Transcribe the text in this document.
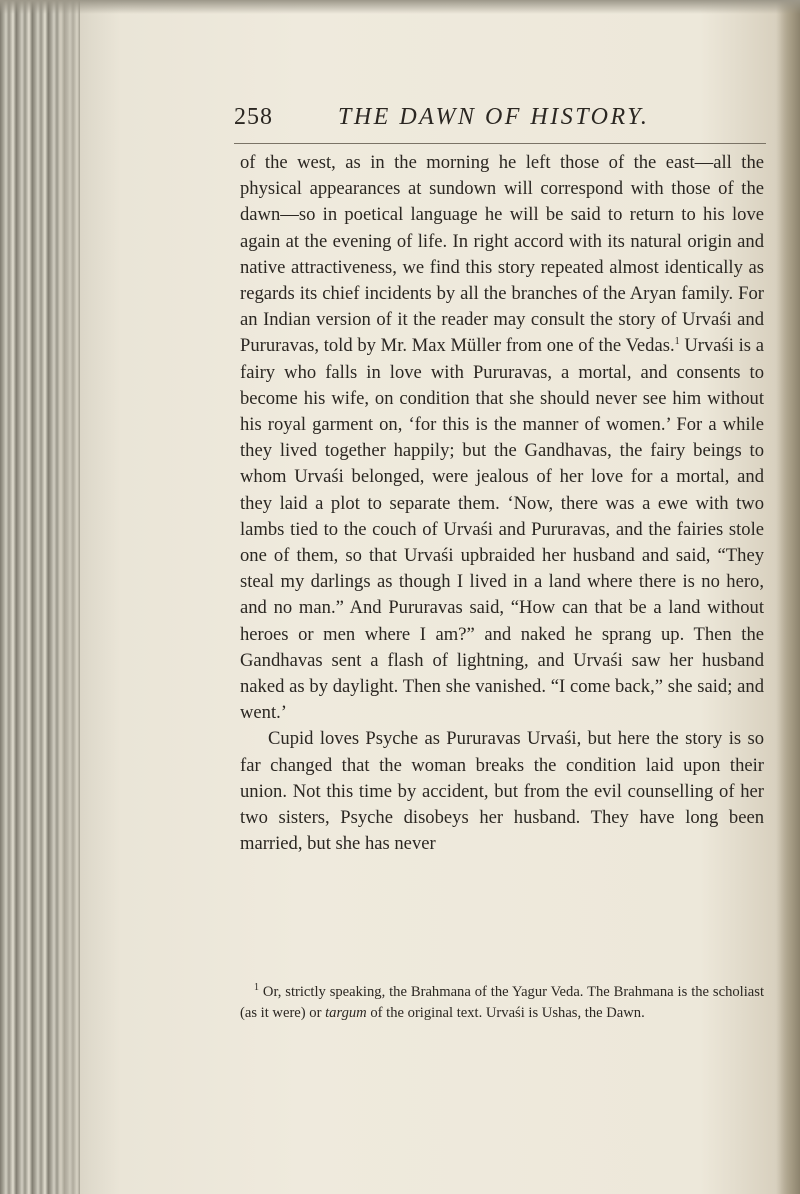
258	THE DAWN OF HISTORY.

of the west, as in the morning he left those of the east—all the physical appearances at sundown will correspond with those of the dawn—so in poetical language he will be said to return to his love again at the evening of life. In right accord with its natural origin and native attractiveness, we find this story repeated almost identically as regards its chief incidents by all the branches of the Aryan family. For an Indian version of it the reader may consult the story of Urvaśi and Pururavas, told by Mr. Max Müller from one of the Vedas.$^1$ Urvaśi is a fairy who falls in love with Pururavas, a mortal, and consents to become his wife, on condition that she should never see him without his royal garment on, ‘for this is the manner of women.’ For a while they lived together happily; but the Gandhavas, the fairy beings to whom Urvaśi belonged, were jealous of her love for a mortal, and they laid a plot to separate them. ‘Now, there was a ewe with two lambs tied to the couch of Urvaśi and Pururavas, and the fairies stole one of them, so that Urvaśi upbraided her husband and said, “They steal my darlings as though I lived in a land where there is no hero, and no man.” And Pururavas said, “How can that be a land without heroes or men where I am?” and naked he sprang up. Then the Gandhavas sent a flash of lightning, and Urvaśi saw her husband naked as by daylight. Then she vanished. “I come back,” she said; and went.’

Cupid loves Psyche as Pururavas Urvaśi, but here the story is so far changed that the woman breaks the condition laid upon their union. Not this time by accident, but from the evil counselling of her two sisters, Psyche disobeys her husband. They have long been married, but she has never

$^1$ Or, strictly speaking, the Brahmana of the Yagur Veda. The Brahmana is the scholiast (as it were) or targum of the original text. Urvaśi is Ushas, the Dawn.
